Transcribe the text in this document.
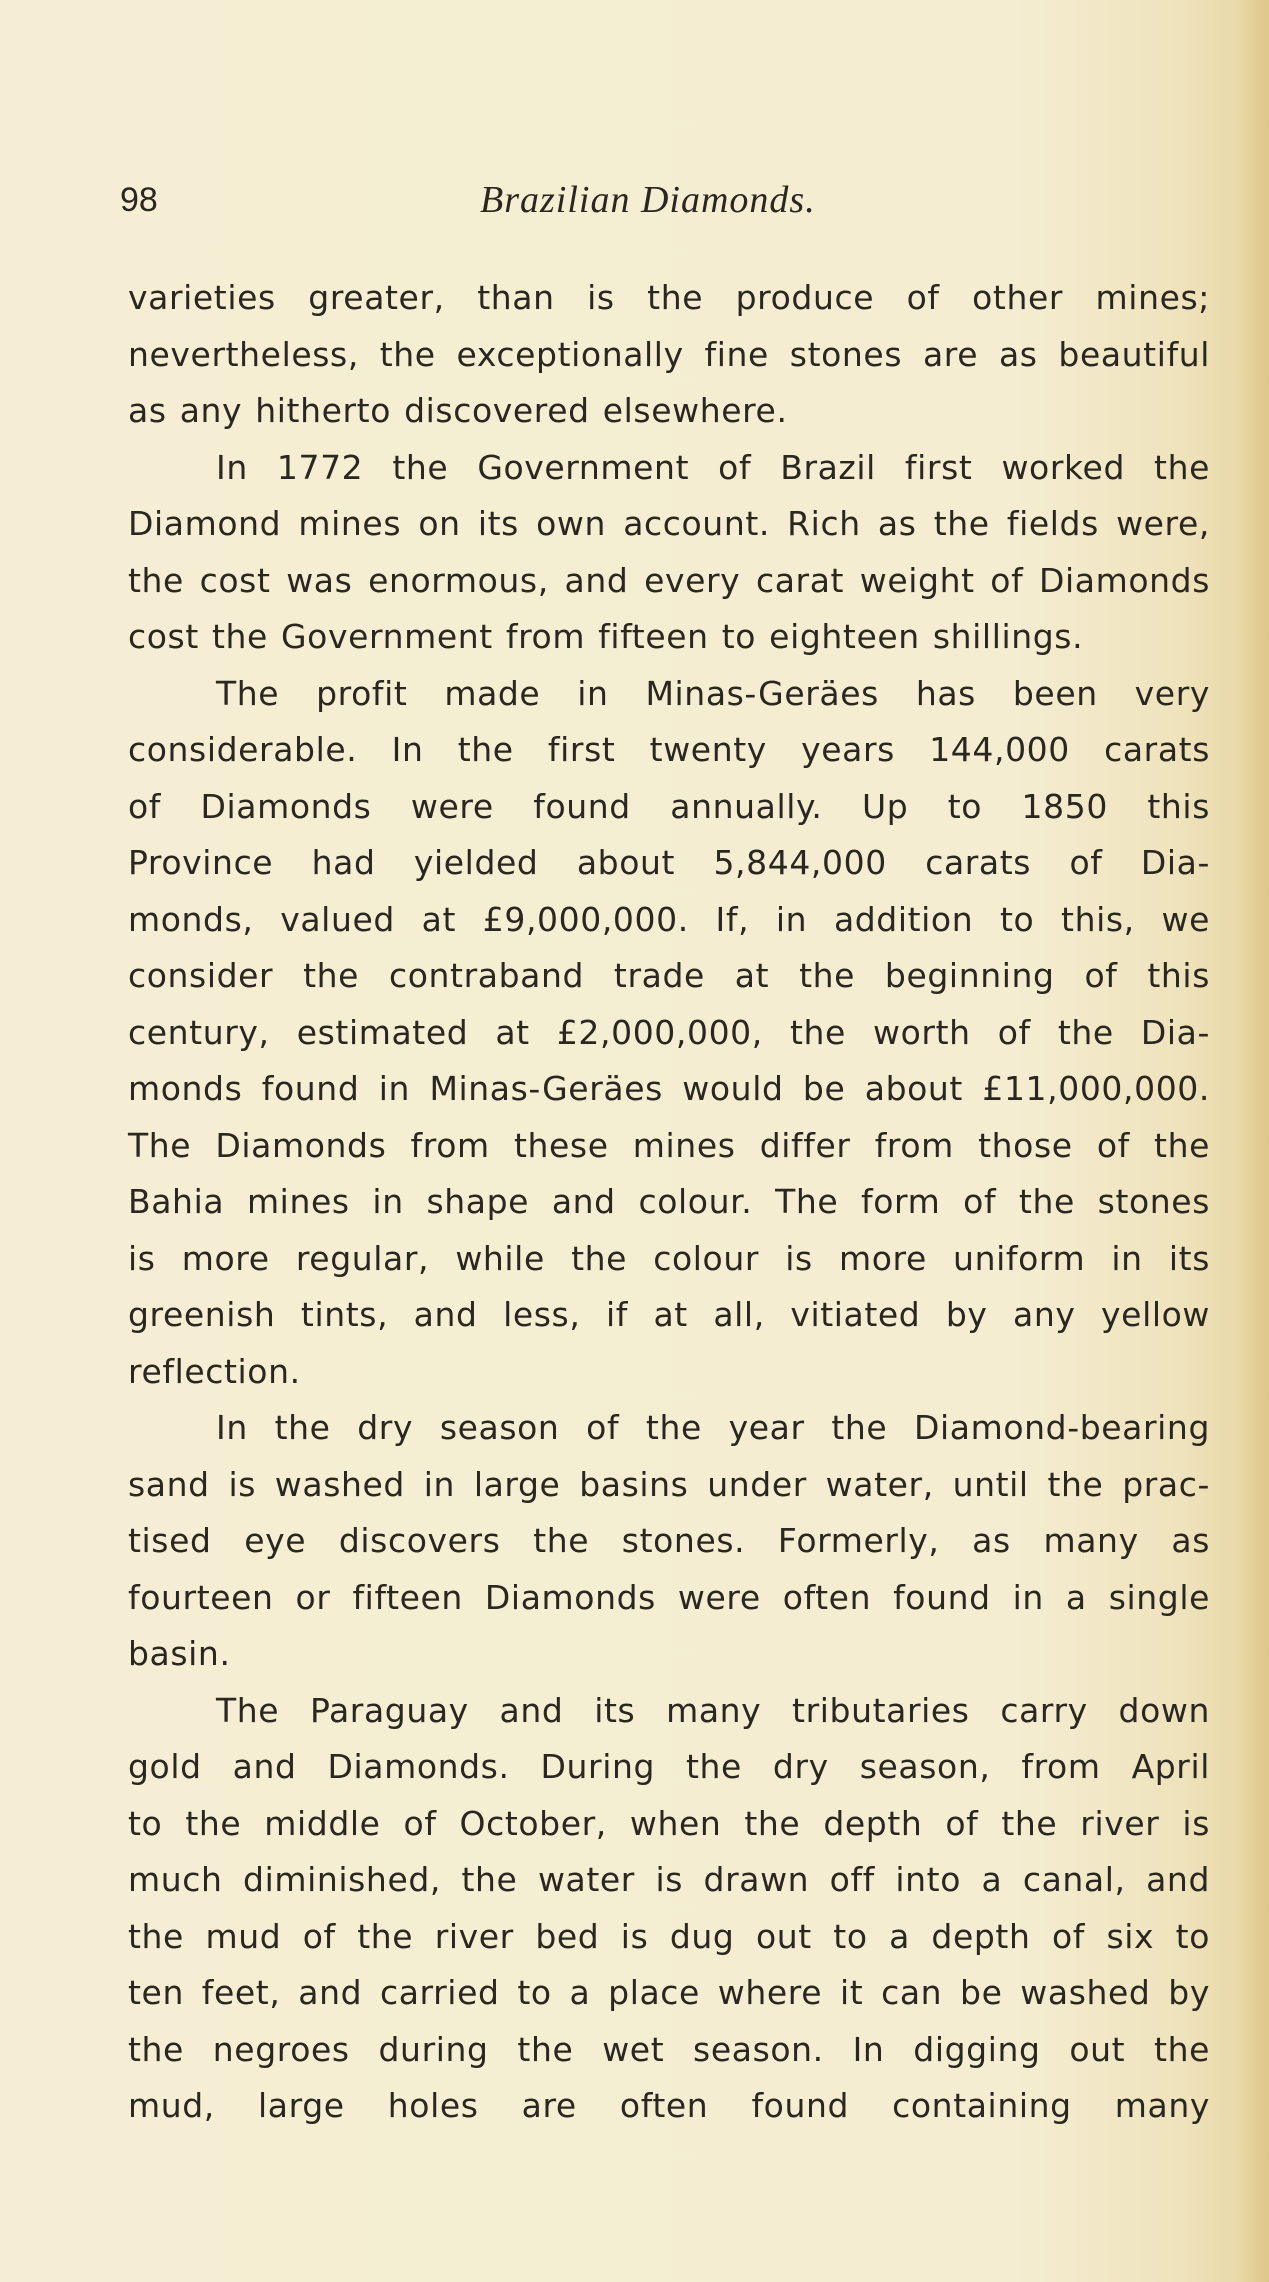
98	Brazilian Diamonds.
varieties greater, than is the produce of other mines;
nevertheless, the exceptionally fine stones are as beautiful
as any hitherto discovered elsewhere.
In 1772 the Government of Brazil first worked the
Diamond mines on its own account. Rich as the fields were,
the cost was enormous, and every carat weight of Diamonds
cost the Government from fifteen to eighteen shillings.
The profit made in Minas-Geräes has been very
considerable. In the first twenty years 144,000 carats
of Diamonds were found annually. Up to 1850 this
Province had yielded about 5,844,000 carats of Dia-
monds, valued at £9,000,000. If, in addition to this, we
consider the contraband trade at the beginning of this
century, estimated at £2,000,000, the worth of the Dia-
monds found in Minas-Geräes would be about £11,000,000.
The Diamonds from these mines differ from those of the
Bahia mines in shape and colour. The form of the stones
is more regular, while the colour is more uniform in its
greenish tints, and less, if at all, vitiated by any yellow
reflection.
In the dry season of the year the Diamond-bearing
sand is washed in large basins under water, until the prac-
tised eye discovers the stones. Formerly, as many as
fourteen or fifteen Diamonds were often found in a single
basin.
The Paraguay and its many tributaries carry down
gold and Diamonds. During the dry season, from April
to the middle of October, when the depth of the river is
much diminished, the water is drawn off into a canal, and
the mud of the river bed is dug out to a depth of six to
ten feet, and carried to a place where it can be washed by
the negroes during the wet season. In digging out the
mud, large holes are often found containing many
